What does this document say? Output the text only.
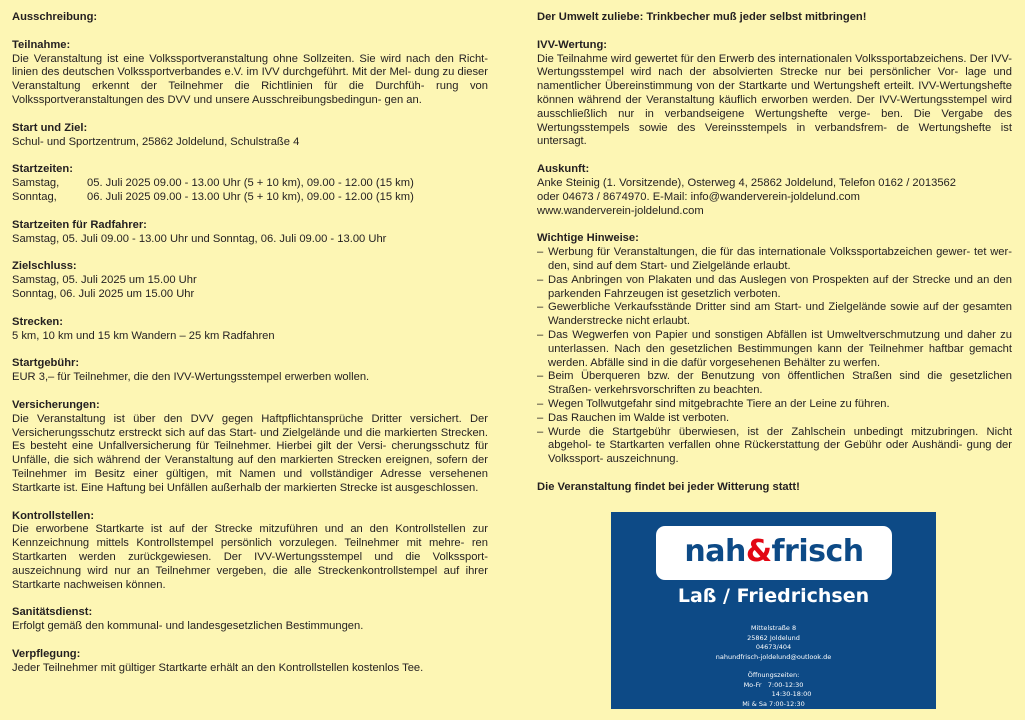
Ausschreibung:
Teilnahme:
Die Veranstaltung ist eine Volkssportveranstaltung ohne Sollzeiten. Sie wird nach den Richt- linien des deutschen Volkssportverbandes e.V. im IVV durchgeführt. Mit der Mel- dung zu dieser Veranstaltung erkennt der Teilnehmer die Richtlinien für die Durchfüh- rung von Volkssportveranstaltungen des DVV und unsere Ausschreibungsbedingun- gen an.
Start und Ziel:
Schul- und Sportzentrum, 25862 Joldelund, Schulstraße 4
Startzeiten:
Samstag,	05. Juli 2025 09.00 - 13.00 Uhr (5 + 10 km), 09.00 - 12.00 (15 km)
Sonntag,	06. Juli 2025 09.00 - 13.00 Uhr (5 + 10 km), 09.00 - 12.00 (15 km)
Startzeiten für Radfahrer:
Samstag, 05. Juli 09.00 - 13.00 Uhr und Sonntag, 06. Juli 09.00 - 13.00 Uhr
Zielschluss:
Samstag, 05. Juli 2025 um 15.00 Uhr
Sonntag, 06. Juli 2025 um 15.00 Uhr
Strecken:
5 km, 10 km und 15 km Wandern – 25 km Radfahren
Startgebühr:
EUR 3,– für Teilnehmer, die den IVV-Wertungsstempel erwerben wollen.
Versicherungen:
Die Veranstaltung ist über den DVV gegen Haftpflichtansprüche Dritter versichert. Der Versicherungsschutz erstreckt sich auf das Start- und Zielgelände und die markierten Strecken. Es besteht eine Unfallversicherung für Teilnehmer. Hierbei gilt der Versi- cherungsschutz für Unfälle, die sich während der Veranstaltung auf den markierten Strecken ereignen, sofern der Teilnehmer im Besitz einer gültigen, mit Namen und vollständiger Adresse versehenen Startkarte ist. Eine Haftung bei Unfällen außerhalb der markierten Strecke ist ausgeschlossen.
Kontrollstellen:
Die erworbene Startkarte ist auf der Strecke mitzuführen und an den Kontrollstellen zur Kennzeichnung mittels Kontrollstempel persönlich vorzulegen. Teilnehmer mit mehre- ren Startkarten werden zurückgewiesen. Der IVV-Wertungsstempel und die Volkssport- auszeichnung wird nur an Teilnehmer vergeben, die alle Streckenkontrollstempel auf ihrer Startkarte nachweisen können.
Sanitätsdienst:
Erfolgt gemäß den kommunal- und landesgesetzlichen Bestimmungen.
Verpflegung:
Jeder Teilnehmer mit gültiger Startkarte erhält an den Kontrollstellen kostenlos Tee.
Der Umwelt zuliebe: Trinkbecher muß jeder selbst mitbringen!
IVV-Wertung:
Die Teilnahme wird gewertet für den Erwerb des internationalen Volkssportabzeichens. Der IVV-Wertungsstempel wird nach der absolvierten Strecke nur bei persönlicher Vor- lage und namentlicher Übereinstimmung von der Startkarte und Wertungsheft erteilt. IVV-Wertungshefte können während der Veranstaltung käuflich erworben werden. Der IVV-Wertungsstempel wird ausschließlich nur in verbandseigene Wertungshefte verge- ben. Die Vergabe des Wertungsstempels sowie des Vereinsstempels in verbandsfrem- de Wertungshefte ist untersagt.
Auskunft:
Anke Steinig (1. Vorsitzende), Osterweg 4, 25862 Joldelund, Telefon 0162 / 2013562
oder 04673 / 8674970. E-Mail: info@wanderverein-joldelund.com
www.wanderverein-joldelund.com
Wichtige Hinweise:
– Werbung für Veranstaltungen, die für das internationale Volkssportabzeichen gewer- tet wer- den, sind auf dem Start- und Zielgelände erlaubt.
– Das Anbringen von Plakaten und das Auslegen von Prospekten auf der Strecke und an den parkenden Fahrzeugen ist gesetzlich verboten.
– Gewerbliche Verkaufsstände Dritter sind am Start- und Zielgelände sowie auf der gesamten Wanderstrecke nicht erlaubt.
– Das Wegwerfen von Papier und sonstigen Abfällen ist Umweltverschmutzung und daher zu unterlassen. Nach den gesetzlichen Bestimmungen kann der Teilnehmer haftbar gemacht werden. Abfälle sind in die dafür vorgesehenen Behälter zu werfen.
– Beim Überqueren bzw. der Benutzung von öffentlichen Straßen sind die gesetzlichen Straßen- verkehrsvorschriften zu beachten.
– Wegen Tollwutgefahr sind mitgebrachte Tiere an der Leine zu führen.
– Das Rauchen im Walde ist verboten.
– Wurde die Startgebühr überwiesen, ist der Zahlschein unbedingt mitzubringen. Nicht abgehol- te Startkarten verfallen ohne Rückerstattung der Gebühr oder Aushändi- gung der Volkssport- auszeichnung.
Die Veranstaltung findet bei jeder Witterung statt!
nah&frisch
Laß / Friedrichsen
Mittelstraße 8
25862 Joldelund
04673/404
nahundfrisch-joldelund@outlook.de
Öffnungszeiten:
Mo-Fr   7:00-12:30
14:30-18:00
Mi & Sa 7:00-12:30
